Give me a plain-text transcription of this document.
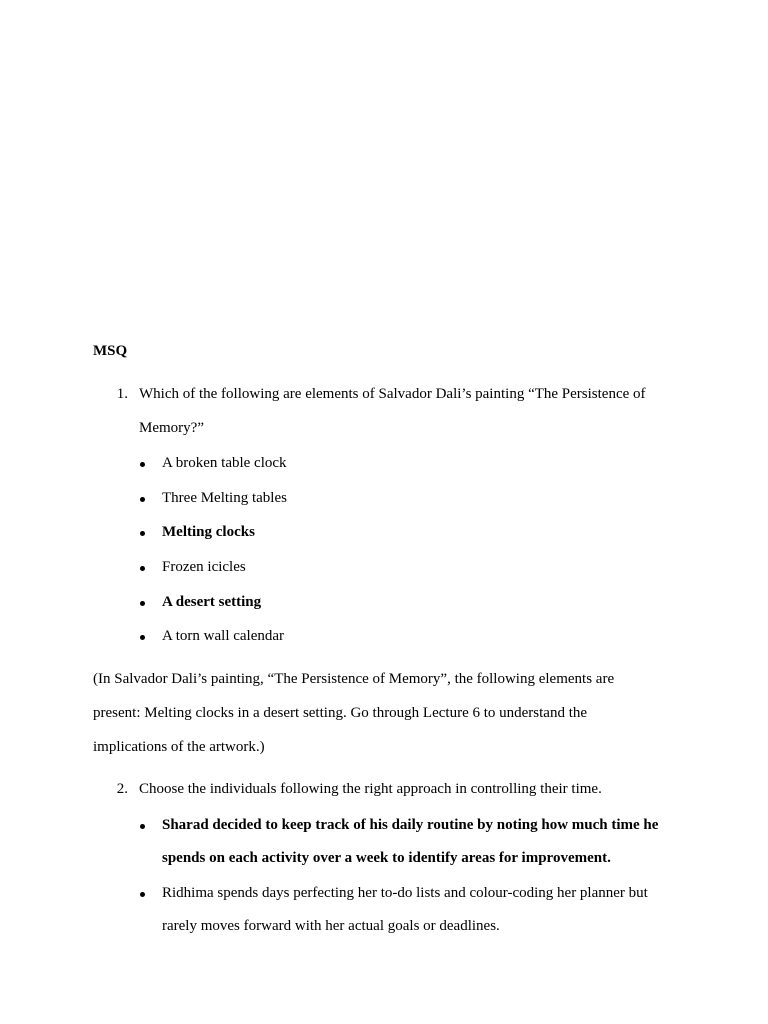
MSQ
1. Which of the following are elements of Salvador Dali’s painting “The Persistence of
Memory?”
A broken table clock
Three Melting tables
Melting clocks
Frozen icicles
A desert setting
A torn wall calendar
(In Salvador Dali’s painting, “The Persistence of Memory”, the following elements are
present: Melting clocks in a desert setting. Go through Lecture 6 to understand the
implications of the artwork.)
2. Choose the individuals following the right approach in controlling their time.
Sharad decided to keep track of his daily routine by noting how much time he
spends on each activity over a week to identify areas for improvement.
Ridhima spends days perfecting her to-do lists and colour-coding her planner but
rarely moves forward with her actual goals or deadlines.
